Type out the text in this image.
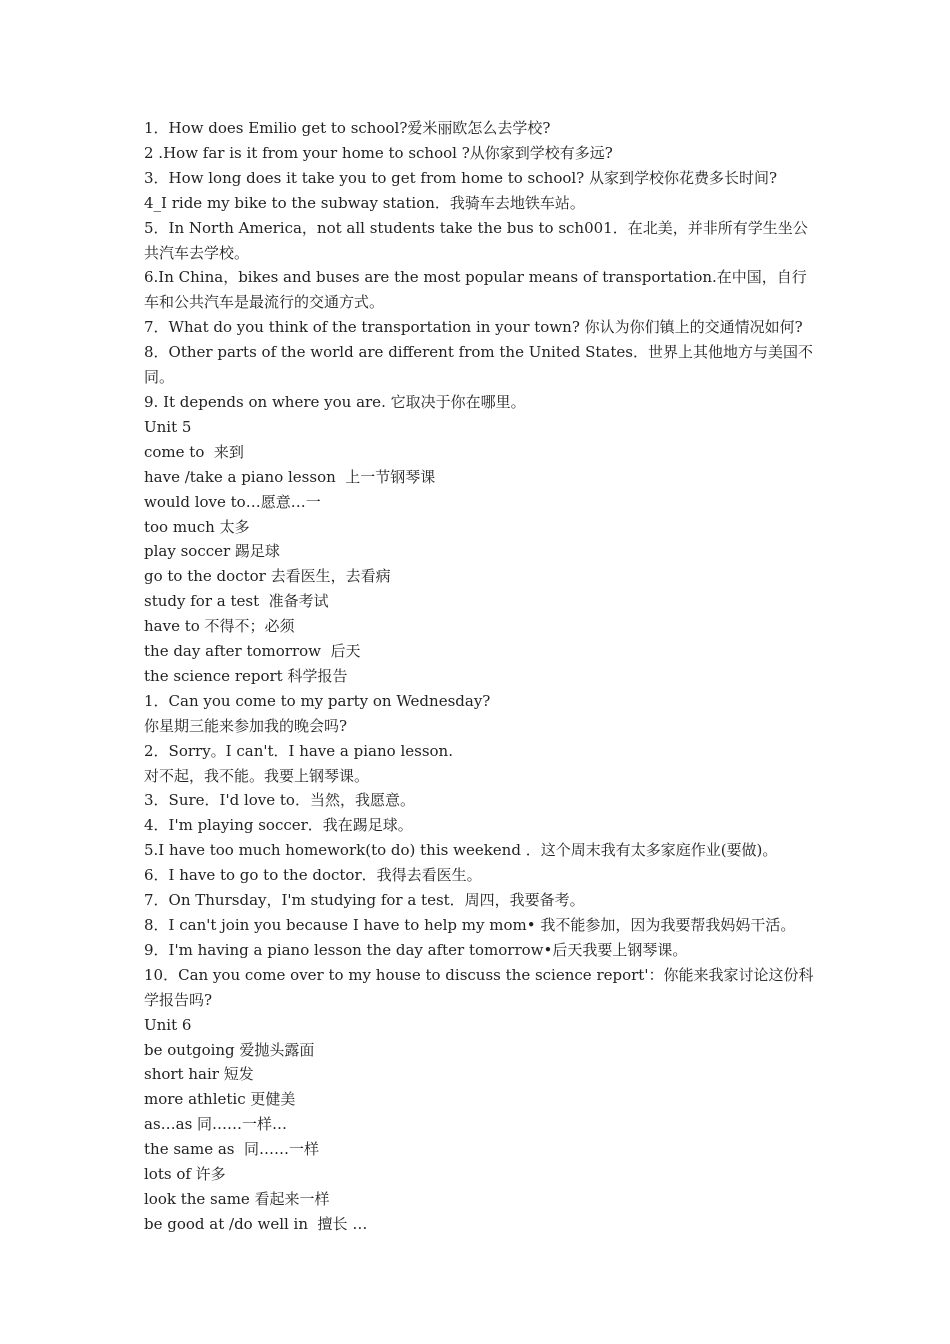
1．How does Emilio get to school?爱米丽欧怎么去学校?
2 .How far is it from your home to school ?从你家到学校有多远?
3．How long does it take you to get from home to school? 从家到学校你花费多长时间?
4_I ride my bike to the subway station．我骑车去地铁车站。
5．In North America，not all students take the bus to sch001．在北美，并非所有学生坐公共汽车去学校。
6.In China，bikes and buses are the most popular means of transportation.在中国，自行车和公共汽车是最流行的交通方式。
7．What do you think of the transportation in your town? 你认为你们镇上的交通情况如何?
8．Other parts of the world are different from the United States．世界上其他地方与美国不同。
9. It depends on where you are. 它取决于你在哪里。
Unit 5
come to  来到
have /take a piano lesson  上一节钢琴课
would love to…愿意…一
too much 太多
play soccer 踢足球
go to the doctor 去看医生，去看病
study for a test  准备考试
have to 不得不；必须
the day after tomorrow  后天
the science report 科学报告
1．Can you come to my party on Wednesday?
你星期三能来参加我的晚会吗?
2．Sorry。I can't．I have a piano lesson.
对不起，我不能。我要上钢琴课。
3．Sure．I'd love to．当然，我愿意。
4．I'm playing soccer．我在踢足球。
5.I have too much homework(to do) this weekend ．这个周末我有太多家庭作业(要做)。
6．I have to go to the doctor．我得去看医生。
7．On Thursday，I'm studying for a test．周四，我要备考。
8．I can't join you because I have to help my mom• 我不能参加，因为我要帮我妈妈干活。
9．I'm having a piano lesson the day after tomorrow•后天我要上钢琴课。
10．Can you come over to my house to discuss the science report'：你能来我家讨论这份科学报告吗?
Unit 6
be outgoing 爱抛头露面
short hair 短发
more athletic 更健美
as…as 同……一样…
the same as  同……一样
lots of 许多
look the same 看起来一样
be good at /do well in  擅长 …
